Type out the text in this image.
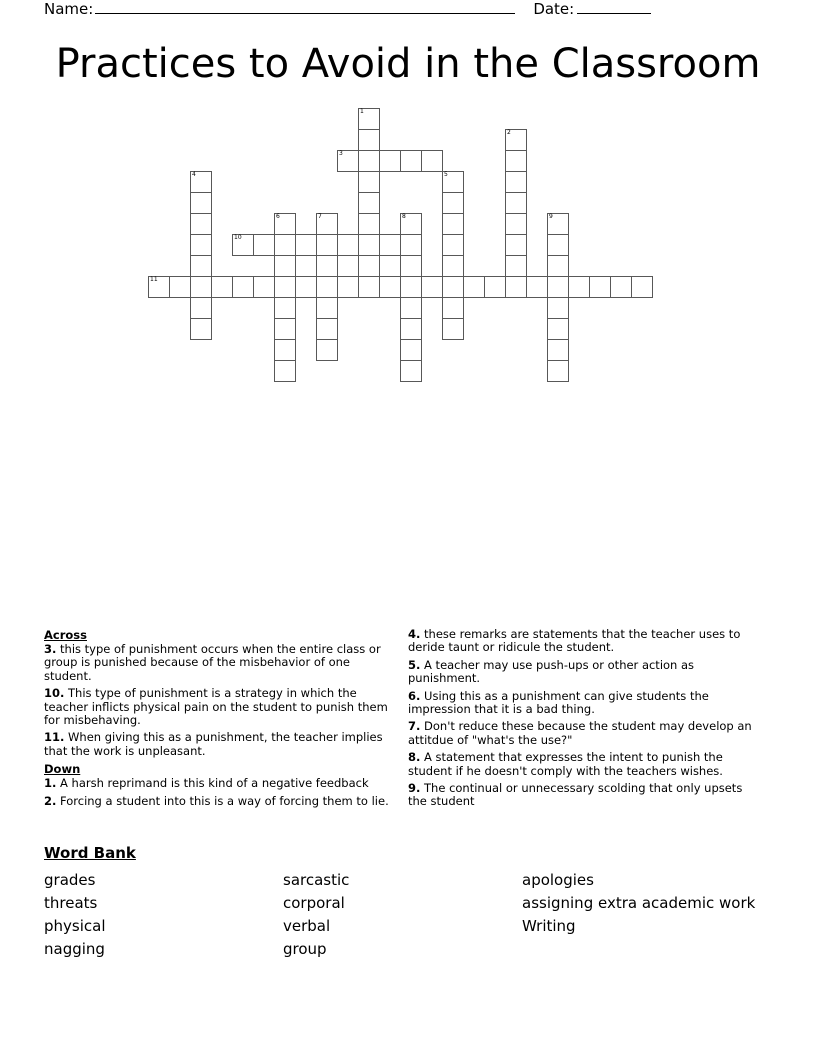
Name:	Date:
Practices to Avoid in the Classroom
1
2
3
4	5
6	7	8	9
10
11
Across
3. this type of punishment occurs when the entire class or group is punished because of the misbehavior of one student.
10. This type of punishment is a strategy in which the teacher inflicts physical pain on the student to punish them for misbehaving.
11. When giving this as a punishment, the teacher implies that the work is unpleasant.
Down
1. A harsh reprimand is this kind of a negative feedback
2. Forcing a student into this is a way of forcing them to lie.
4. these remarks are statements that the teacher uses to deride taunt or ridicule the student.
5. A teacher may use push-ups or other action as punishment.
6. Using this as a punishment can give students the impression that it is a bad thing.
7. Don't reduce these because the student may develop an attitdue of "what's the use?"
8. A statement that expresses the intent to punish the student if he doesn't comply with the teachers wishes.
9. The continual or unnecessary scolding that only upsets the student
Word Bank
grades
threats
physical
nagging
sarcastic
corporal
verbal
group
apologies
assigning extra academic work
Writing
